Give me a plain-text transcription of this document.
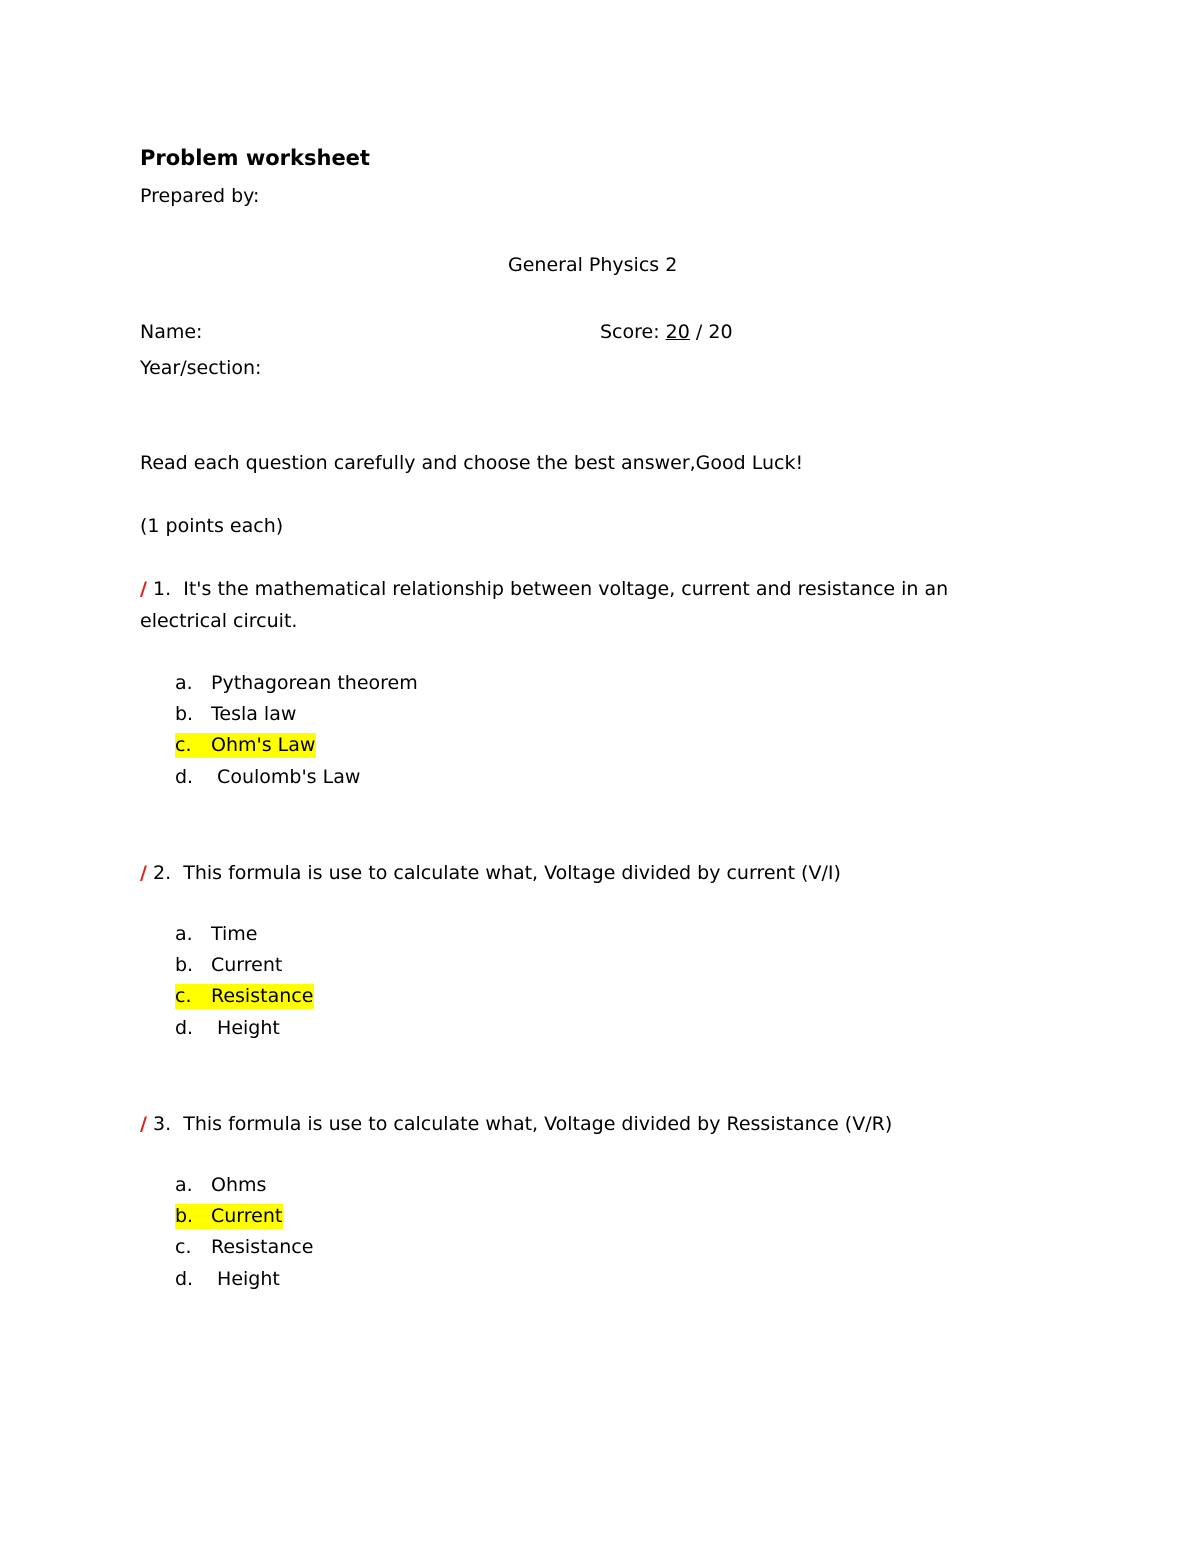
Problem worksheet
Prepared by:
General Physics 2
Name:	Score: 20 / 20
Year/section:
Read each question carefully and choose the best answer,Good Luck!
(1 points each)
/ 1. It's the mathematical relationship between voltage, current and resistance in an electrical circuit.
a. Pythagorean theorem
b. Tesla law
c. Ohm's Law
d. Coulomb's Law
/ 2. This formula is use to calculate what, Voltage divided by current (V/I)
a. Time
b. Current
c. Resistance
d. Height
/ 3. This formula is use to calculate what, Voltage divided by Ressistance (V/R)
a. Ohms
b. Current
c. Resistance
d. Height
